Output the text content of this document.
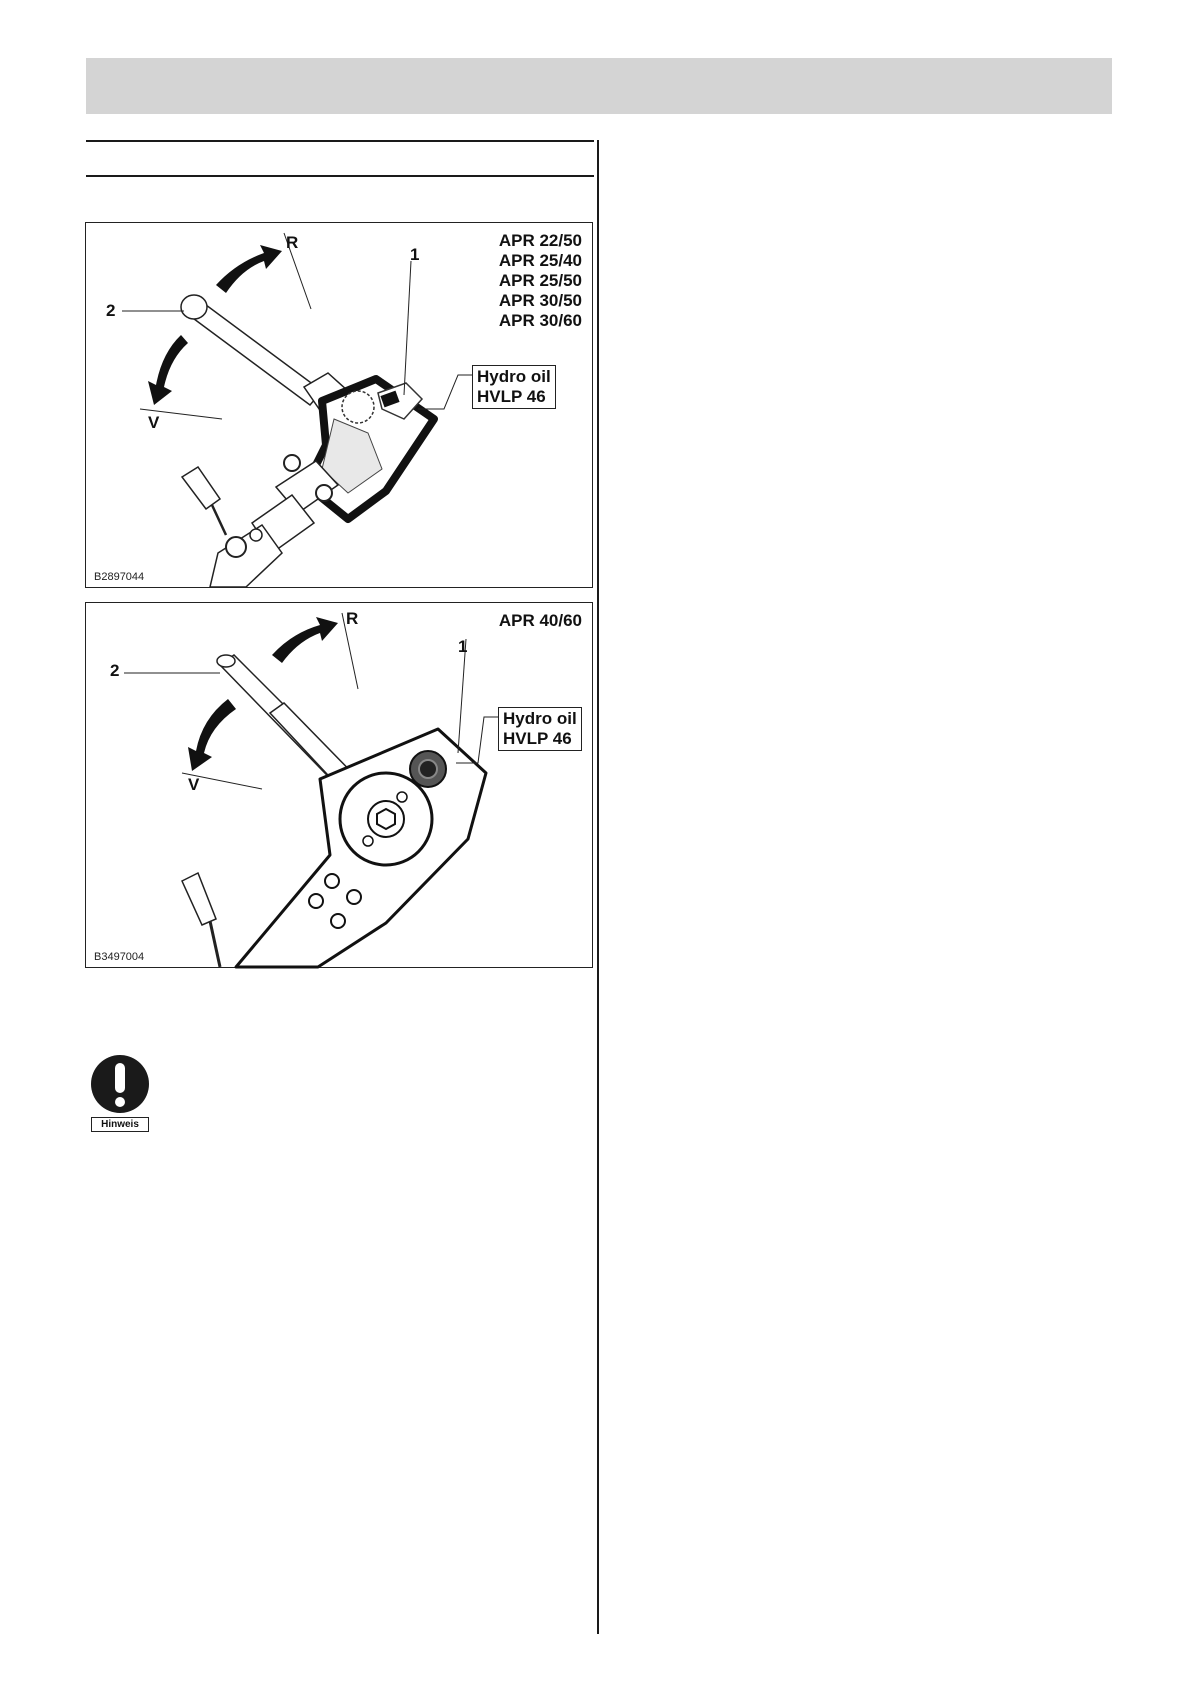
APR 22/50
APR 25/40
APR 25/50
APR 30/50
APR 30/60
Hydro oil
HVLP 46
1
2
R
V
B2897044
APR 40/60
Hydro oil
HVLP 46
1
2
R
V
B3497004
Hinweis
